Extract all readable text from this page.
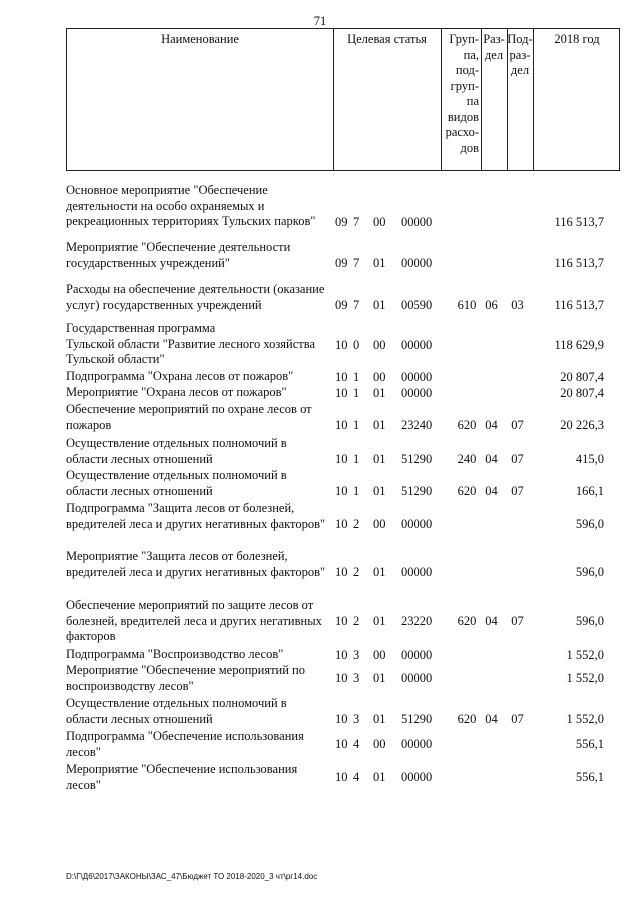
71
Наименование	Целевая статья	Груп-
па,
под-
груп-
па
видов
расхо-
дов
Раз-
дел
Под-
раз-
дел
2018 год
Основное мероприятие "Обеспечение деятельности на особо охраняемых и рекреационных территориях Тульских парков"	09 7	00	00000	116 513,7
Мероприятие "Обеспечение деятельности государственных учреждений"	09 7	01	00000	116 513,7
Расходы на обеспечение деятельности (оказание услуг) государственных учреждений	09 7	01	00590	610 06	03	116 513,7
Государственная программа
Тульской области "Развитие лесного хозяйства Тульской области"
10 0	00	00000	118 629,9
Подпрограмма "Охрана лесов от пожаров"	10 1	00	00000	20 807,4
Мероприятие "Охрана лесов от пожаров"	10 1	01	00000	20 807,4
Обеспечение мероприятий по охране лесов от пожаров	10 1	01	23240	620 04	07	20 226,3
Осуществление отдельных полномочий в области лесных отношений	10 1	01	51290	240 04	07	415,0
Осуществление отдельных полномочий в области лесных отношений	10 1	01	51290	620 04	07	166,1
Подпрограмма "Защита лесов от болезней, вредителей леса и других негативных факторов" 10 2	00	00000	596,0
Мероприятие "Защита лесов от болезней, вредителей леса и других негативных факторов" 10 2	01	00000	596,0
Обеспечение мероприятий по защите лесов от болезней, вредителей леса и других негативных факторов
10 2	01	23220	620 04	07	596,0
Подпрограмма "Воспроизводство лесов"	10 3	00	00000	1 552,0
Мероприятие "Обеспечение мероприятий по воспроизводству лесов"
10 3	01	00000	1 552,0
Осуществление отдельных полномочий в области лесных отношений	10 3	01	51290	620 04	07	1 552,0
Подпрограмма "Обеспечение использования лесов"
10 4	00	00000	556,1
Мероприятие "Обеспечение использования лесов"
10 4	01	00000	556,1
D:\Г\Д6\2017\ЗАКОНЫ\ЗАС_47\Бюджет ТО 2018-2020_3 чт\рг14.doc
